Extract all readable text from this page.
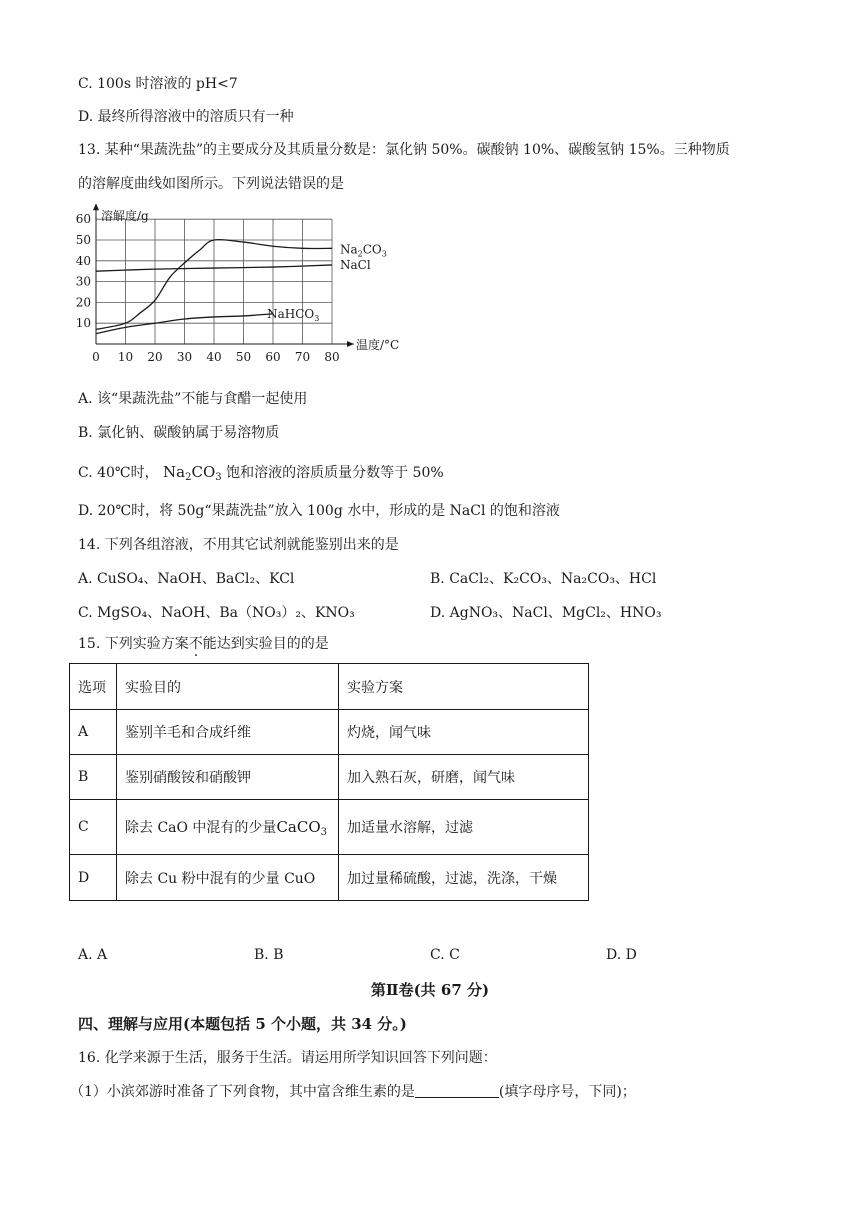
C. 100s 时溶液的 pH<7
D. 最终所得溶液中的溶质只有一种
13. 某种“果蔬洗盐”的主要成分及其质量分数是：氯化钠 50%。碳酸钠 10%、碳酸氢钠 15%。三种物质
的溶解度曲线如图所示。下列说法错误的是
0 10 20 30 40 50 60 70 80
10
20
30
40
50
60 溶解度/g
温度/°C
$Na_2CO_3$
NaCl
NaHCO$_3$
A. 该“果蔬洗盐”不能与食醋一起使用
B. 氯化钠、碳酸钠属于易溶物质
C. 40℃时， $Na_2CO_3$ 饱和溶液的溶质质量分数等于 50%
D. 20℃时，将 50g“果蔬洗盐”放入 100g 水中，形成的是 NaCl 的饱和溶液
14. 下列各组溶液，不用其它试剂就能鉴别出来的是
A. CuSO₄、NaOH、BaCl₂、KCl	B. CaCl₂、K₂CO₃、Na₂CO₃、HCl
C. MgSO₄、NaOH、Ba（NO₃）₂、KNO₃	D. AgNO₃、NaCl、MgCl₂、HNO₃
15. 下列实验方案不能达到实验目的的是
选项	实验目的	实验方案
A	鉴别羊毛和合成纤维	灼烧，闻气味
B	鉴别硝酸铵和硝酸钾	加入熟石灰，研磨，闻气味
C	除去 CaO 中混有的少量CaCO$_3$	加适量水溶解，过滤
D	除去 Cu 粉中混有的少量 CuO	加过量稀硫酸，过滤，洗涤，干燥
A. A	B. B	C. C	D. D
第Ⅱ卷(共 67 分)
四、理解与应用(本题包括 5 个小题，共 34 分。)
16. 化学来源于生活，服务于生活。请运用所学知识回答下列问题：
（1）小滨郊游时准备了下列食物，其中富含维生素的是	(填字母序号，下同)；
